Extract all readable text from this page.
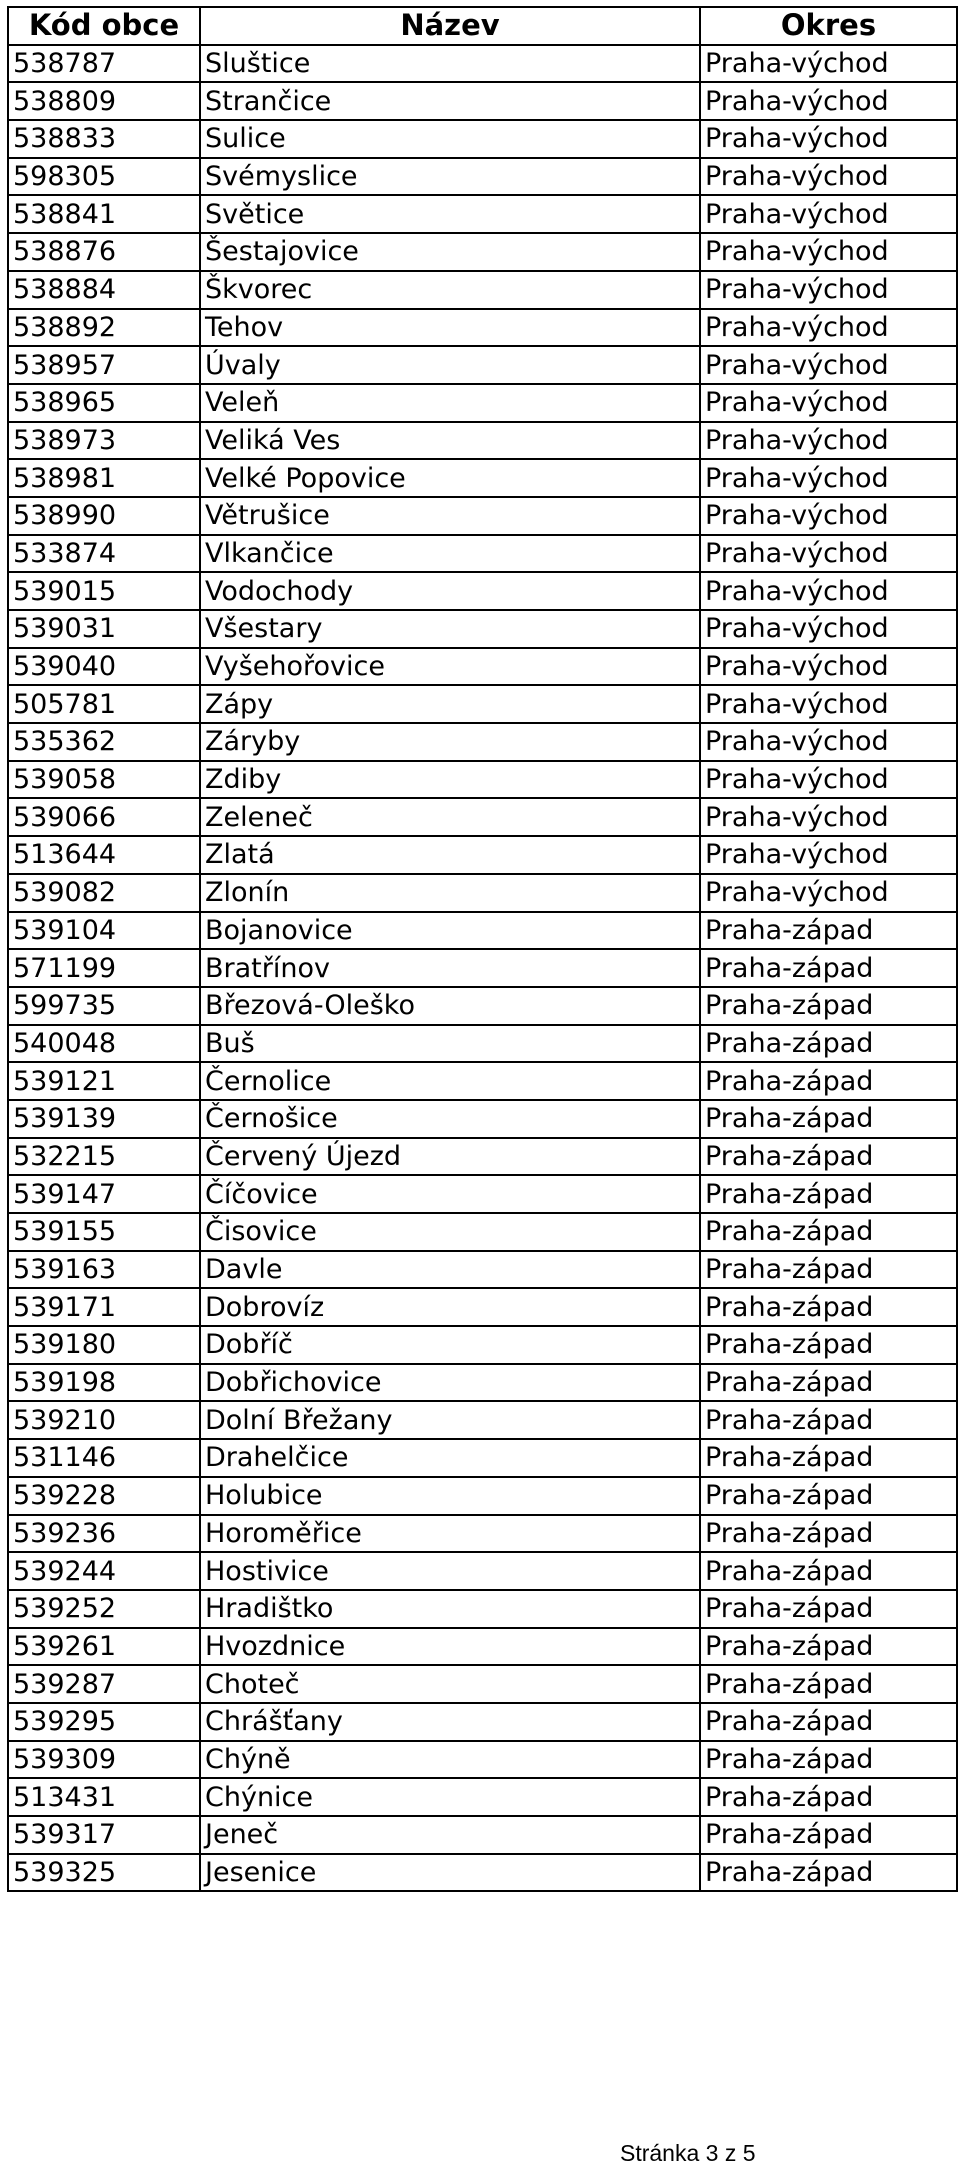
Kód obce	Název	Okres
538787	Sluštice	Praha-východ
538809	Strančice	Praha-východ
538833	Sulice	Praha-východ
598305	Svémyslice	Praha-východ
538841	Světice	Praha-východ
538876	Šestajovice	Praha-východ
538884	Škvorec	Praha-východ
538892	Tehov	Praha-východ
538957	Úvaly	Praha-východ
538965	Veleň	Praha-východ
538973	Veliká Ves	Praha-východ
538981	Velké Popovice	Praha-východ
538990	Větrušice	Praha-východ
533874	Vlkančice	Praha-východ
539015	Vodochody	Praha-východ
539031	Všestary	Praha-východ
539040	Vyšehořovice	Praha-východ
505781	Zápy	Praha-východ
535362	Záryby	Praha-východ
539058	Zdiby	Praha-východ
539066	Zeleneč	Praha-východ
513644	Zlatá	Praha-východ
539082	Zlonín	Praha-východ
539104	Bojanovice	Praha-západ
571199	Bratřínov	Praha-západ
599735	Březová-Oleško	Praha-západ
540048	Buš	Praha-západ
539121	Černolice	Praha-západ
539139	Černošice	Praha-západ
532215	Červený Újezd	Praha-západ
539147	Číčovice	Praha-západ
539155	Čisovice	Praha-západ
539163	Davle	Praha-západ
539171	Dobrovíz	Praha-západ
539180	Dobříč	Praha-západ
539198	Dobřichovice	Praha-západ
539210	Dolní Břežany	Praha-západ
531146	Drahelčice	Praha-západ
539228	Holubice	Praha-západ
539236	Horoměřice	Praha-západ
539244	Hostivice	Praha-západ
539252	Hradištko	Praha-západ
539261	Hvozdnice	Praha-západ
539287	Choteč	Praha-západ
539295	Chrášťany	Praha-západ
539309	Chýně	Praha-západ
513431	Chýnice	Praha-západ
539317	Jeneč	Praha-západ
539325	Jesenice	Praha-západ
Stránka 3 z 5
